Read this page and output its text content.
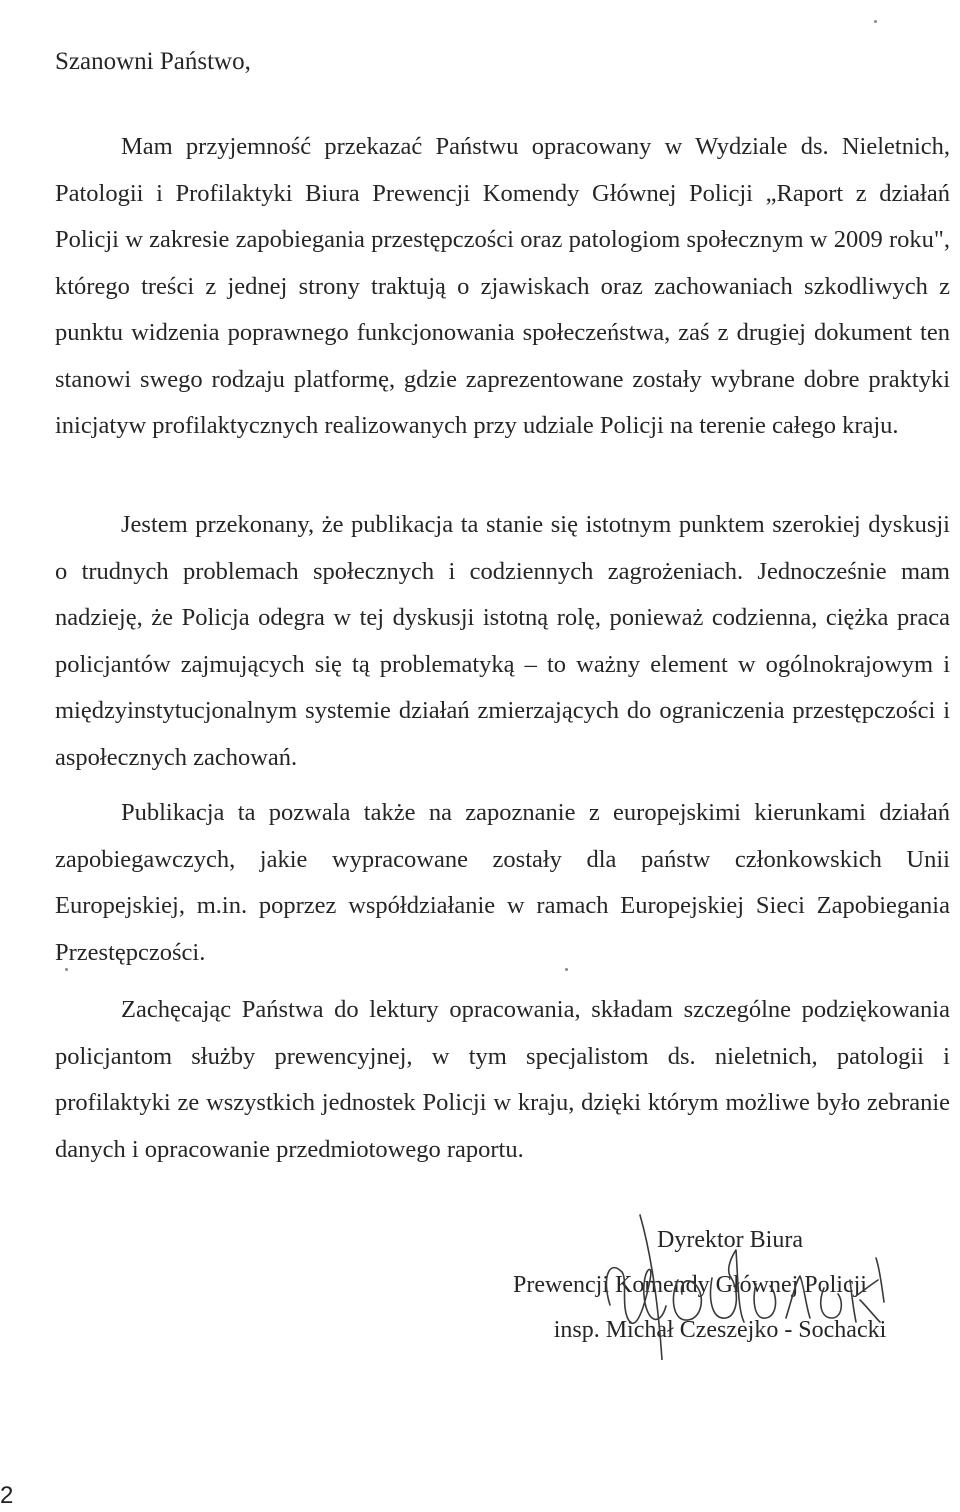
Szanowni Państwo,

Mam przyjemność przekazać Państwu opracowany w Wydziale ds. Nieletnich, Patologii i Profilaktyki Biura Prewencji Komendy Głównej Policji „Raport z działań Policji w zakresie zapobiegania przestępczości oraz patologiom społecznym w 2009 roku", którego treści z jednej strony traktują o zjawiskach oraz zachowaniach szkodliwych z punktu widzenia poprawnego funkcjonowania społeczeństwa, zaś z drugiej dokument ten stanowi swego rodzaju platformę, gdzie zaprezentowane zostały wybrane dobre praktyki inicjatyw profilaktycznych realizowanych przy udziale Policji na terenie całego kraju.

Jestem przekonany, że publikacja ta stanie się istotnym punktem szerokiej dyskusji o trudnych problemach społecznych i codziennych zagrożeniach. Jednocześnie mam nadzieję, że Policja odegra w tej dyskusji istotną rolę, ponieważ codzienna, ciężka praca policjantów zajmujących się tą problematyką – to ważny element w ogólnokrajowym i międzyinstytucjonalnym systemie działań zmierzających do ograniczenia przestępczości i aspołecznych zachowań.

Publikacja ta pozwala także na zapoznanie z europejskimi kierunkami działań zapobiegawczych, jakie wypracowane zostały dla państw członkowskich Unii Europejskiej, m.in. poprzez współdziałanie w ramach Europejskiej Sieci Zapobiegania Przestępczości.

Zachęcając Państwa do lektury opracowania, składam szczególne podziękowania policjantom służby prewencyjnej, w tym specjalistom ds. nieletnich, patologii i profilaktyki ze wszystkich jednostek Policji w kraju, dzięki którym możliwe było zebranie danych i opracowanie przedmiotowego raportu.

Dyrektor Biura
Prewencji Komendy Głównej Policji
insp. Michał Czeszejko - Sochacki
2
